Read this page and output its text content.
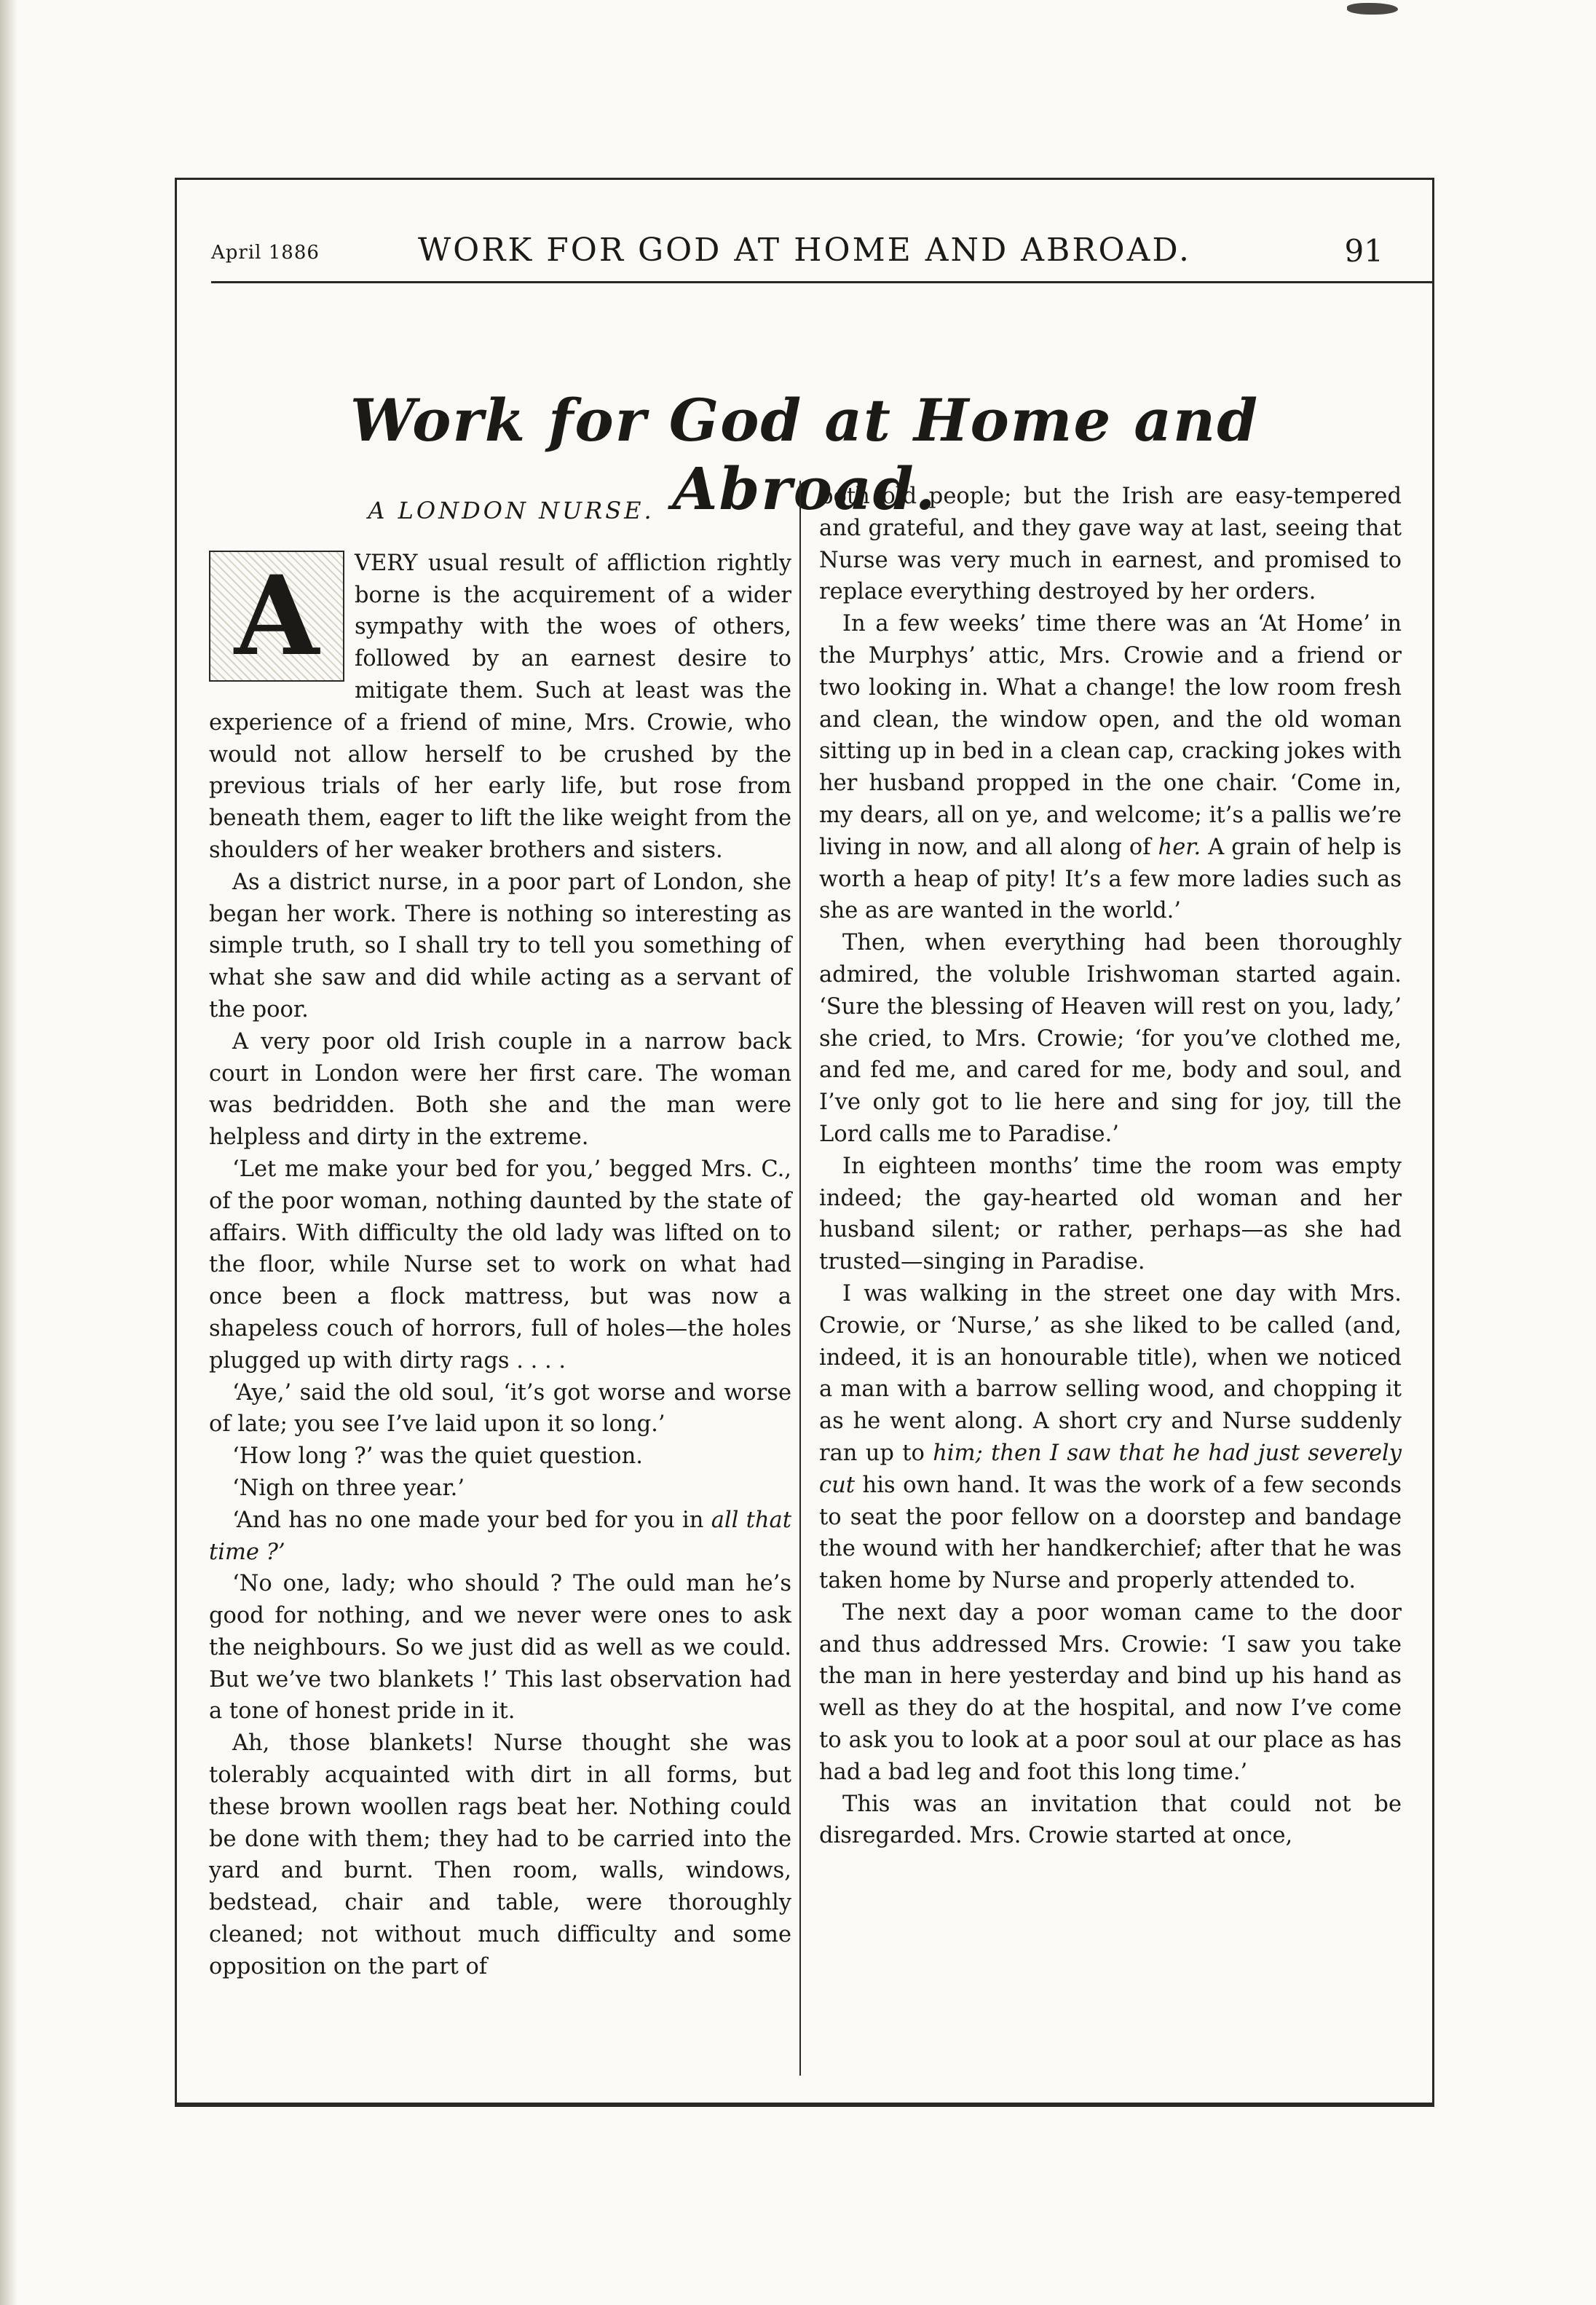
April 1886	WORK FOR GOD AT HOME AND ABROAD.	91
Work for God at Home and Abroad.
A LONDON NURSE.

A	VERY usual result of affliction rightly borne is the acquirement of a wider sympathy with the woes of others, followed by an earnest desire to mitigate them. Such at least was the experience of a friend of mine, Mrs. Crowie, who would not allow herself to be crushed by the previous trials of her early life, but rose from beneath them, eager to lift the like weight from the shoulders of her weaker brothers and sisters.

As a district nurse, in a poor part of London, she began her work. There is nothing so interesting as simple truth, so I shall try to tell you something of what she saw and did while acting as a servant of the poor.

A very poor old Irish couple in a narrow back court in London were her first care. The woman was bedridden. Both she and the man were helpless and dirty in the extreme.

‘Let me make your bed for you,’ begged Mrs. C., of the poor woman, nothing daunted by the state of affairs. With difficulty the old lady was lifted on to the floor, while Nurse set to work on what had once been a flock mattress, but was now a shapeless couch of horrors, full of holes—the holes plugged up with dirty rags . . . .

‘Aye,’ said the old soul, ‘it’s got worse and worse of late; you see I’ve laid upon it so long.’

‘How long ?’ was the quiet question.

‘Nigh on three year.’

‘And has no one made your bed for you in all that time ?’

‘No one, lady; who should ? The ould man he’s good for nothing, and we never were ones to ask the neighbours. So we just did as well as we could. But we’ve two blankets !’ This last observation had a tone of honest pride in it.

Ah, those blankets! Nurse thought she was tolerably acquainted with dirt in all forms, but these brown woollen rags beat her. Nothing could be done with them; they had to be carried into the yard and burnt. Then room, walls, windows, bedstead, chair and table, were thoroughly cleaned; not without much difficulty and some opposition on the part of

both old people; but the Irish are easy-tempered and grateful, and they gave way at last, seeing that Nurse was very much in earnest, and promised to replace everything destroyed by her orders.

In a few weeks’ time there was an ‘At Home’ in the Murphys’ attic, Mrs. Crowie and a friend or two looking in. What a change! the low room fresh and clean, the window open, and the old woman sitting up in bed in a clean cap, cracking jokes with her husband propped in the one chair. ‘Come in, my dears, all on ye, and welcome; it’s a pallis we’re living in now, and all along of her. A grain of help is worth a heap of pity! It’s a few more ladies such as she as are wanted in the world.’

Then, when everything had been thoroughly admired, the voluble Irishwoman started again. ‘Sure the blessing of Heaven will rest on you, lady,’ she cried, to Mrs. Crowie; ‘for you’ve clothed me, and fed me, and cared for me, body and soul, and I’ve only got to lie here and sing for joy, till the Lord calls me to Paradise.’

In eighteen months’ time the room was empty indeed; the gay-hearted old woman and her husband silent; or rather, perhaps—as she had trusted—singing in Paradise.

I was walking in the street one day with Mrs. Crowie, or ‘Nurse,’ as she liked to be called (and, indeed, it is an honourable title), when we noticed a man with a barrow selling wood, and chopping it as he went along. A short cry and Nurse suddenly ran up to him; then I saw that he had just severely cut his own hand. It was the work of a few seconds to seat the poor fellow on a doorstep and bandage the wound with her handkerchief; after that he was taken home by Nurse and properly attended to.

The next day a poor woman came to the door and thus addressed Mrs. Crowie: ‘I saw you take the man in here yesterday and bind up his hand as well as they do at the hospital, and now I’ve come to ask you to look at a poor soul at our place as has had a bad leg and foot this long time.’

This was an invitation that could not be disregarded. Mrs. Crowie started at once,
